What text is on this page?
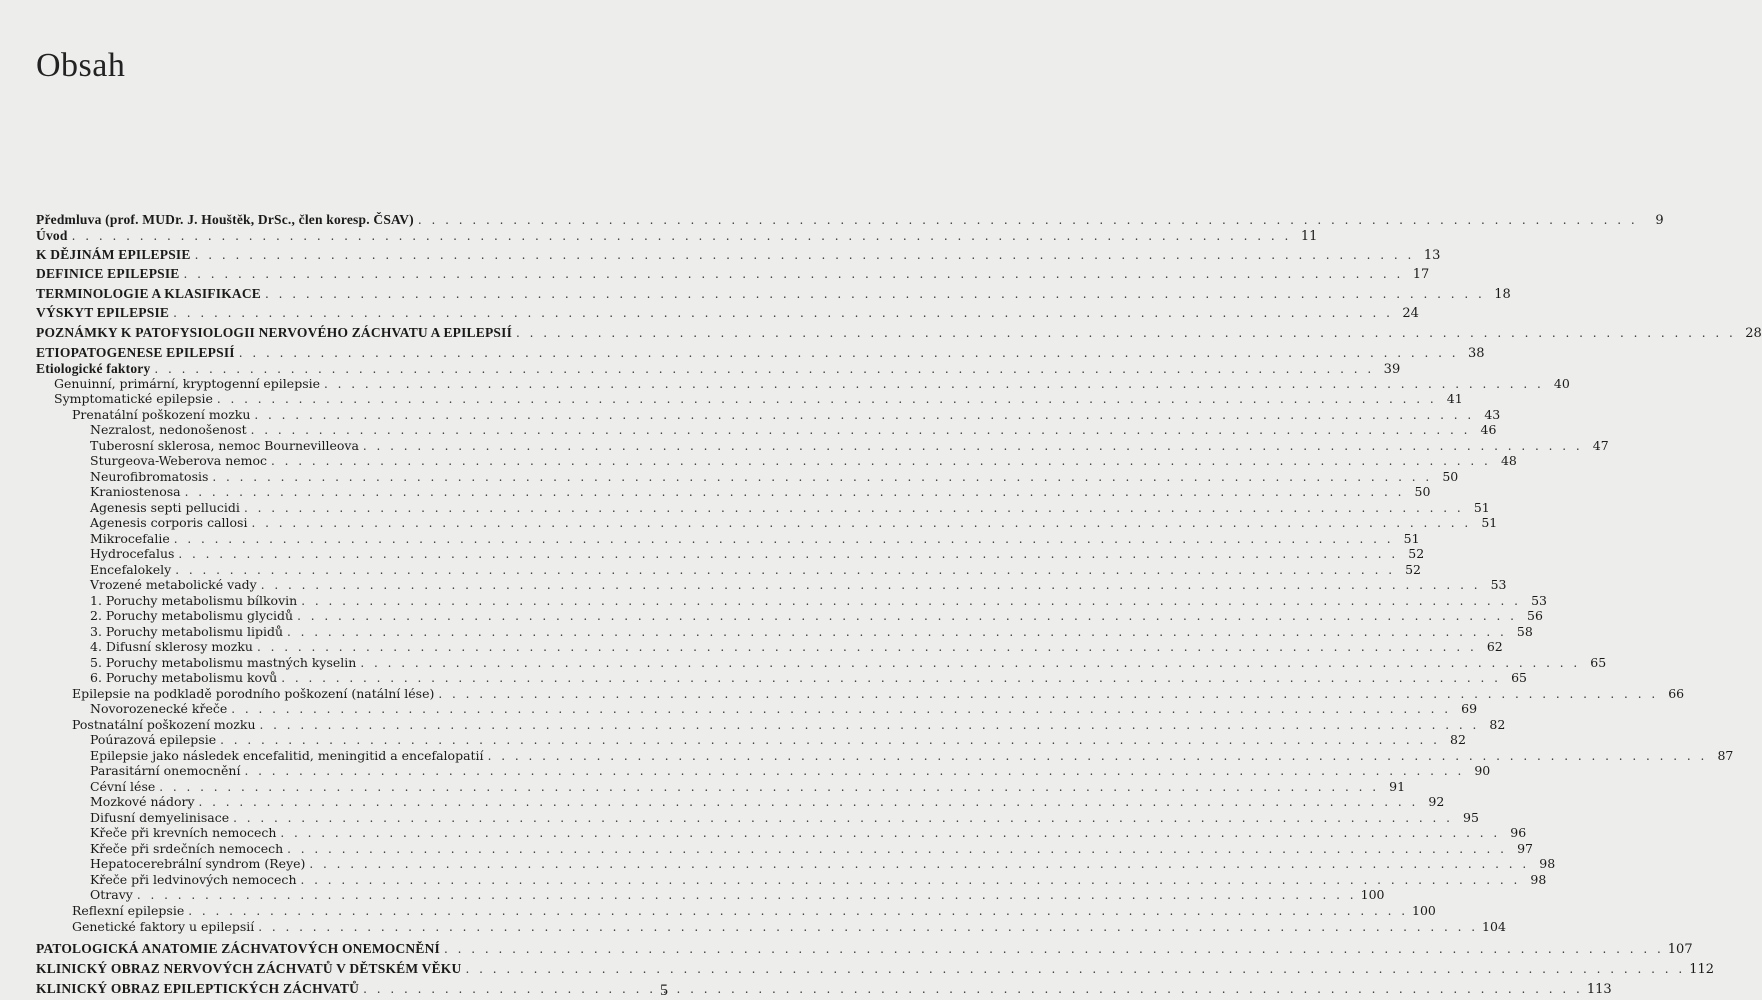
Obsah
Předmluva (prof. MUDr. J. Houštěk, DrSc., člen koresp. ČSAV) . . .	9
Úvod . . .	11
K DĚJINÁM EPILEPSIE . . .	13
DEFINICE EPILEPSIE . . .	17
TERMINOLOGIE A KLASIFIKACE . . .	18
VÝSKYT EPILEPSIE . . .	24
POZNÁMKY K PATOFYSIOLOGII NERVOVÉHO ZÁCHVATU A EPILEPSIÍ . . .	28
ETIOPATOGENESE EPILEPSIÍ . . .	38
Etiologické faktory . . .	39
Genuinní, primární, kryptogenní epilepsie . . .	40
Symptomatické epilepsie . . .	41
Prenatální poškození mozku . . .	43
Nezralost, nedonošenost . . .	46
Tuberosní sklerosa, nemoc Bournevilleova . . .	47
Sturgeova-Weberova nemoc . . .	48
Neurofibromatosis . . .	50
Kraniostenosa . . .	50
Agenesis septi pellucidi . . .	51
Agenesis corporis callosi . . .	51
Mikrocefalie . . .	51
Hydrocefalus . . .	52
Encefalokely . . .	52
Vrozené metabolické vady . . .	53
1. Poruchy metabolismu bílkovin . . .	53
2. Poruchy metabolismu glycidů . . .	56
3. Poruchy metabolismu lipidů . . .	58
4. Difusní sklerosy mozku . . .	62
5. Poruchy metabolismu mastných kyselin . . .	65
6. Poruchy metabolismu kovů . . .	65
Epilepsie na podkladě porodního poškození (natální lése) . . .	66
Novorozenecké křeče . . .	69
Postnatální poškození mozku . . .	82
Poúrazová epilepsie . . .	82
Epilepsie jako následek encefalitid, meningitid a encefalopatií . . .	87
Parasitární onemocnění . . .	90
Cévní lése . . .	91
Mozkové nádory . . .	92
Difusní demyelinisace . . .	95
Křeče při krevních nemocech . . .	96
Křeče při srdečních nemocech . . .	97
Hepatocerebrální syndrom (Reye) . . .	98
Křeče při ledvinových nemocech . . .	98
Otravy . . .	100
Reflexní epilepsie . . .	100
Genetické faktory u epilepsií . . .	104
PATOLOGICKÁ ANATOMIE ZÁCHVATOVÝCH ONEMOCNĚNÍ . . .	107
KLINICKÝ OBRAZ NERVOVÝCH ZÁCHVATŮ V DĚTSKÉM VĚKU . . .	112
KLINICKÝ OBRAZ EPILEPTICKÝCH ZÁCHVATŮ . . .	113
5
